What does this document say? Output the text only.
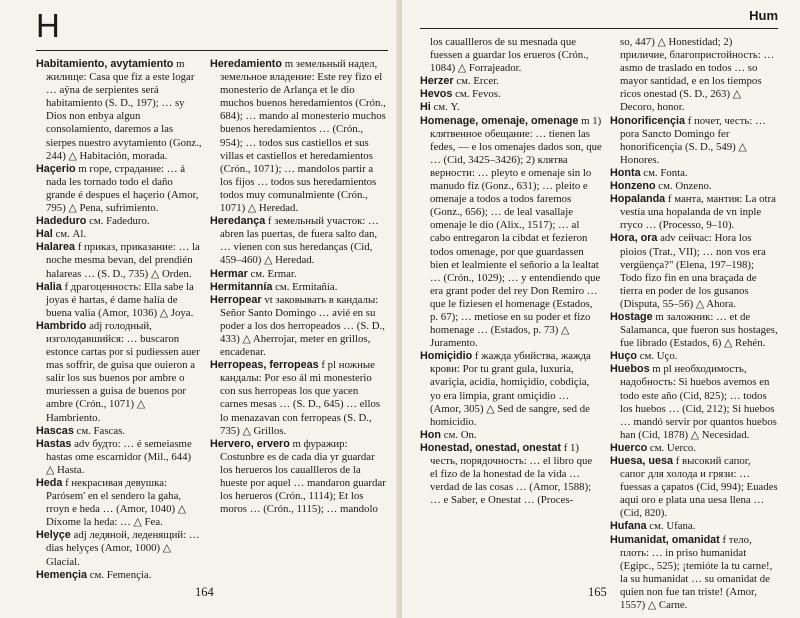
H
Habitamiento, avytamiento m жилище: Casa que fiz a este logar … aÿna de serpientes será habitamiento (S. D., 197); … sy Dios non enbya algun consolamiento, daremos a las sierpes nuestro avytamiento (Gonz., 244) △ Habitación, morada.
Haçerio m горе, страдание: … á nada les tornado todo el daño grande é despues el haçerio (Amor, 795) △ Pena, sufrimiento.
Hadeduro см. Fadeduro.
Hal см. Al.
Halarea f приказ, приказание: … la noche mesma bevan, del prendién halareas … (S. D., 735) △ Orden.
Halia f драгоценность: Ella sabe la joyas é hartas, é dame halía de buena valia (Amor, 1036) △ Joya.
Hambrido adj голодный, изголодавшийся: … buscaron estonce cartas por si pudiessen auer mas soffrir, de guisa que ouieron a salir los sus buenos por ambre o muriessen a guisa de buenos por ambre (Crón., 1071) △ Hambriento.
Hascas см. Fascas.
Hastas adv будто: … é semeiasme hastas ome escarnidor (Mil., 644) △ Hasta.
Heda f некрасивая девушка: Parósem' en el sendero la gaha, rroyn e heda … (Amor, 1040) △ Díxome la heda: … △ Fea.
Helyçe adj ледяной, леденящий: … dias helyçes (Amor, 1000) △ Glacial.
Hemençia см. Femençia.
Heredamiento m земельный надел, земельное владение: Este rey fizo el monesterio de Arlança et le dio muchos buenos heredamientos (Crón., 684); … mando al monesterio muchos buenos heredamientos … (Crón., 954); … todos sus castiellos et sus villas et castiellos et heredamientos (Crón., 1071); … mandolos partir a los fijos … todos sus heredamientos todos muy comunalmiente (Crón., 1071) △ Heredad.
Heredança f земельный участок: … abren las puertas, de fuera salto dan, … vienen con sus heredanças (Cid, 459–460) △ Heredad.
Hermar см. Ermar.
Hermitannía см. Ermitañía.
Herropear vt заковывать в кандалы: Señor Santo Domingo … avié en su poder a los dos herropeados … (S. D., 433) △ Aherrojar, meter en grillos, encadenar.
Herropeas, ferropeas f pl ножные кандалы: Por eso ál mi monesterio con sus herropeas los que yacen carnes mesas … (S. D., 645) … ellos lo menazavan con ferropeas (S. D., 735) △ Grillos.
Hervero, ervero m фуражир: Costunbre es de cada dia yr guardar los herueros los cauallleros de la hueste por aquel … mandaron guardar los herueros (Crón., 1114); Et los moros … (Crón., 1115); … mandolo
164
Hum
los cauallleros de su mesnada que fuessen a guardar los erueros (Crón., 1084) △ Forrajeador.
Herzer см. Ercer.
Hevos см. Fevos.
Hi см. Y.
Homenage, omenaje, omenage m 1) клятвенное обещание: … tienen las fedes, — e los omenajes dados son, que … (Cid, 3425–3426); 2) клятва верности: … pleyto e omenaje sin lo manudo fiz (Gonz., 631); … pleito e omenaje a todos a todos faremos (Gonz., 656); … de leal vasallaje omenaje le dio (Alix., 1517); … al cabo entregaron la cibdat et fezieron todos omenage, por que guardassen bien et lealmiente el señorio a la lealtat … (Crón., 1029); … y entendiendo que era grant poder del rey Don Remiro … que le fiziesen el homenage (Estados, p. 67); … metiose en su poder et fizo homenage … (Estados, p. 73) △ Juramento.
Homiçidio f жажда убийства, жажда крови: Por tu grant gula, luxuria, avariçia, acidia, homiçidio, cobdiçia, yo era limpia, grant omiçidio … (Amor, 305) △ Sed de sangre, sed de homicidio.
Hon см. On.
Honestad, onestad, onestat f 1) честь, порядочность: … el libro que el fizo de la honestad de la vida … verdad de las cosas … (Amor, 1588); … e Saber, e Onestat … (Proces-
so, 447) △ Honestidad; 2) приличие, благопристойность: … asmo de traslado en todos … so mayor santidad, e en los tiempos ricos onestad (S. D., 263) △ Decoro, honor.
Honorificençia f почет, честь: … pora Sancto Domingo fer honorificençia (S. D., 549) △ Honores.
Honta см. Fonta.
Honzeno см. Onzeno.
Hopalanda f манта, мантия: La otra vestía una hopalanda de vn inple rryco … (Processo, 9–10).
Hora, ora adv сейчас: Hora los pioios (Trat., VII); … non vos era vergüença?" (Elena, 197–198); Todo fizo fin en una braçada de tierra en poder de los gusanos (Disputa, 55–56) △ Ahora.
Hostage m заложник: … et de Salamanca, que fueron sus hostages, fue librado (Estados, 6) △ Rehén.
Huço см. Uço.
Huebos m pl необходимость, надобность: Si huebos avemos en todo este año (Cid, 825); … todos los huebos … (Cid, 212); Si huebos … mandó servir por quantos huebos han (Cid, 1878) △ Necesidad.
Huerco см. Uerco.
Huesa, uesa f высокий сапог, сапог для холода и грязи: … fuessas a çapatos (Cid, 994); Euades aqui oro e plata una uesa llena … (Cid, 820).
Hufana см. Ufana.
Humanidat, omanidat f тело, плоть: … in priso humanidat (Egipc., 525); ¡temióte la tu carne!, la su humanidat … su omanidat de quien non fue tan triste! (Amor, 1557) △ Carne.
165
